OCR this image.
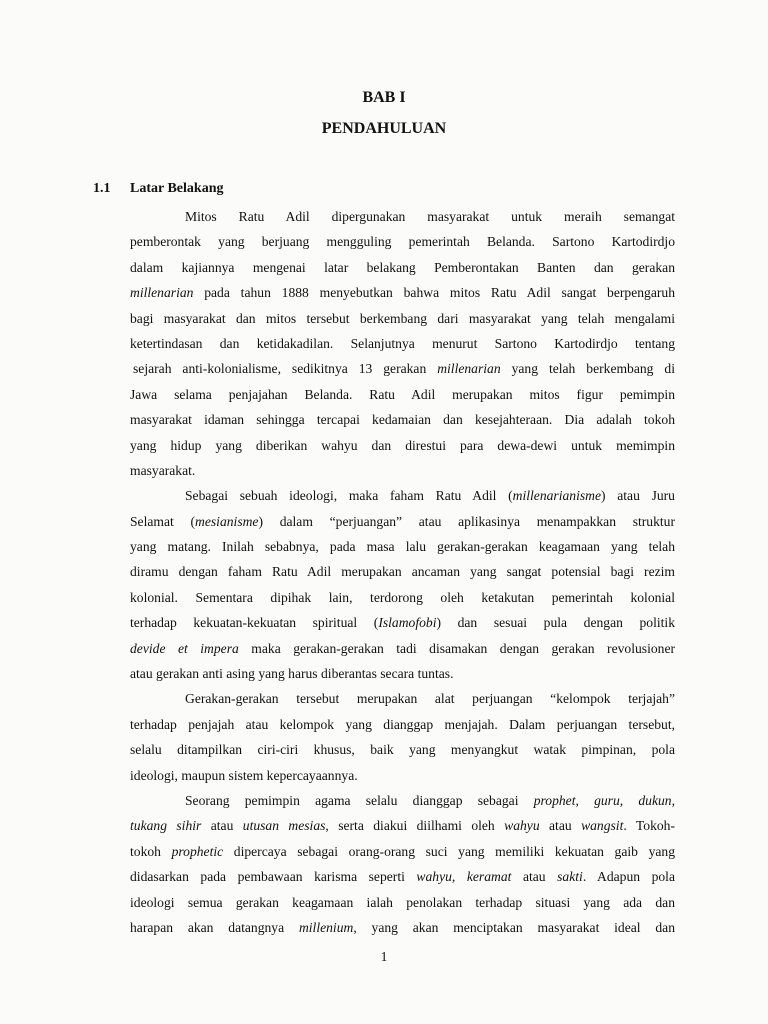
BAB I
PENDAHULUAN
1.1 Latar Belakang
Mitos Ratu Adil dipergunakan masyarakat untuk meraih semangat
pemberontak yang berjuang mengguling pemerintah Belanda. Sartono Kartodirdjo
dalam kajiannya mengenai latar belakang Pemberontakan Banten dan gerakan
millenarian pada tahun 1888 menyebutkan bahwa mitos Ratu Adil sangat berpengaruh
bagi masyarakat dan mitos tersebut berkembang dari masyarakat yang telah mengalami
ketertindasan dan ketidakadilan. Selanjutnya menurut Sartono Kartodirdjo tentang
sejarah anti-kolonialisme, sedikitnya 13 gerakan millenarian yang telah berkembang di
Jawa selama penjajahan Belanda. Ratu Adil merupakan mitos figur pemimpin
masyarakat idaman sehingga tercapai kedamaian dan kesejahteraan. Dia adalah tokoh
yang hidup yang diberikan wahyu dan direstui para dewa-dewi untuk memimpin
masyarakat.
Sebagai sebuah ideologi, maka faham Ratu Adil (millenarianisme) atau Juru
Selamat (mesianisme) dalam “perjuangan” atau aplikasinya menampakkan struktur
yang matang. Inilah sebabnya, pada masa lalu gerakan-gerakan keagamaan yang telah
diramu dengan faham Ratu Adil merupakan ancaman yang sangat potensial bagi rezim
kolonial. Sementara dipihak lain, terdorong oleh ketakutan pemerintah kolonial
terhadap kekuatan-kekuatan spiritual (Islamofobi) dan sesuai pula dengan politik
devide et impera maka gerakan-gerakan tadi disamakan dengan gerakan revolusioner
atau gerakan anti asing yang harus diberantas secara tuntas.
Gerakan-gerakan tersebut merupakan alat perjuangan “kelompok terjajah”
terhadap penjajah atau kelompok yang dianggap menjajah. Dalam perjuangan tersebut,
selalu ditampilkan ciri-ciri khusus, baik yang menyangkut watak pimpinan, pola
ideologi, maupun sistem kepercayaannya.
Seorang pemimpin agama selalu dianggap sebagai prophet, guru, dukun,
tukang sihir atau utusan mesias, serta diakui diilhami oleh wahyu atau wangsit. Tokoh-
tokoh prophetic dipercaya sebagai orang-orang suci yang memiliki kekuatan gaib yang
didasarkan pada pembawaan karisma seperti wahyu, keramat atau sakti. Adapun pola
ideologi semua gerakan keagamaan ialah penolakan terhadap situasi yang ada dan
harapan akan datangnya millenium, yang akan menciptakan masyarakat ideal dan
1
